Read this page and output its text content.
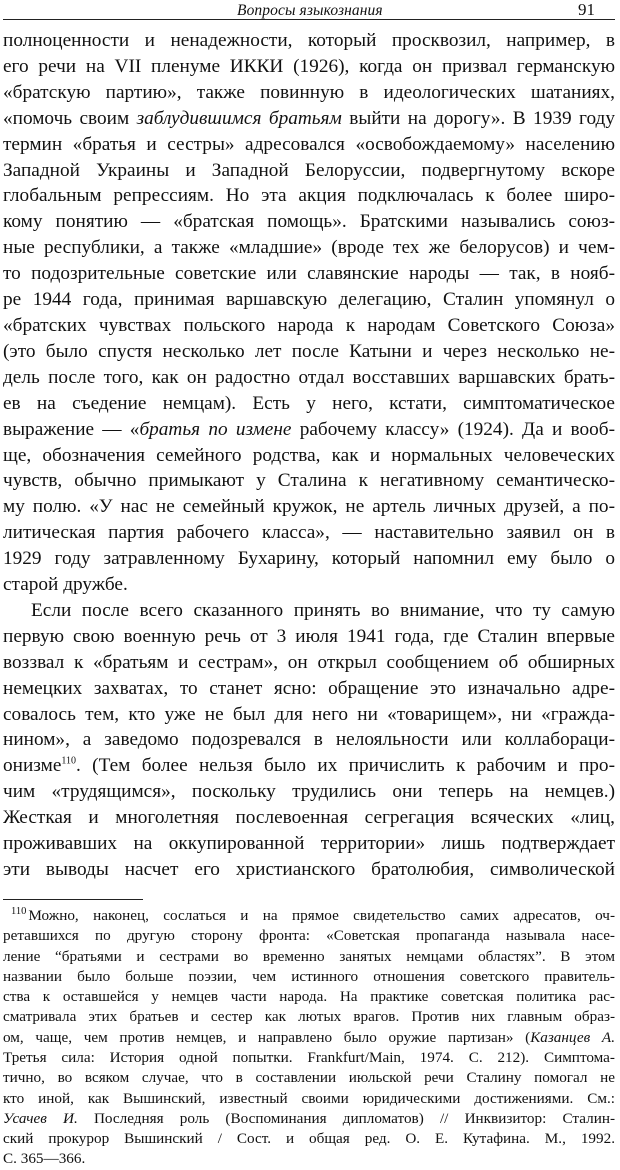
Вопросы языкознания	91

полноценности и ненадежности, который просквозил, например, в
его речи на VII пленуме ИККИ (1926), когда он призвал германскую
«братскую партию», также повинную в идеологических шатаниях,
«помочь своим заблудившимся братьям выйти на дорогу». В 1939 году
термин «братья и сестры» адресовался «освобождаемому» населению
Западной Украины и Западной Белоруссии, подвергнутому вскоре
глобальным репрессиям. Но эта акция подключалась к более широ-
кому понятию — «братская помощь». Братскими назывались союз-
ные республики, а также «младшие» (вроде тех же белорусов) и чем-
то подозрительные советские или славянские народы — так, в нояб-
ре 1944 года, принимая варшавскую делегацию, Сталин упомянул о
«братских чувствах польского народа к народам Советского Союза»
(это было спустя несколько лет после Катыни и через несколько не-
дель после того, как он радостно отдал восставших варшавских брать-
ев на съедение немцам). Есть у него, кстати, симптоматическое
выражение — «братья по измене рабочему классу» (1924). Да и вооб-
ще, обозначения семейного родства, как и нормальных человеческих
чувств, обычно примыкают у Сталина к негативному семантическо-
му полю. «У нас не семейный кружок, не артель личных друзей, а по-
литическая партия рабочего класса», — наставительно заявил он в
1929 году затравленному Бухарину, который напомнил ему было о
старой дружбе.

Если после всего сказанного принять во внимание, что ту самую
первую свою военную речь от 3 июля 1941 года, где Сталин впервые
воззвал к «братьям и сестрам», он открыл сообщением об обширных
немецких захватах, то станет ясно: обращение это изначально адре-
совалось тем, кто уже не был для него ни «товарищем», ни «гражда-
нином», а заведомо подозревался в нелояльности или коллабораци-
онизме$^{110}$. (Тем более нельзя было их причислить к рабочим и про-
чим «трудящимся», поскольку трудились они теперь на немцев.)
Жесткая и многолетняя послевоенная сегрегация всяческих «лиц,
проживавших на оккупированной территории» лишь подтверждает
эти выводы насчет его христианского братолюбия, символической

$^{110}$ Можно, наконец, сослаться и на прямое свидетельство самих адресатов, оч-
ретавшихся по другую сторону фронта: «Советская пропаганда называла насе-
ление “братьями и сестрами во временно занятых немцами областях”. В этом
названии было больше поэзии, чем истинного отношения советского правитель-
ства к оставшейся у немцев части народа. На практике советская политика рас-
сматривала этих братьев и сестер как лютых врагов. Против них главным образ-
ом, чаще, чем против немцев, и направлено было оружие партизан» (Казанцев А.
Третья сила: История одной попытки. Frankfurt/Main, 1974. С. 212). Симптома-
тично, во всяком случае, что в составлении июльской речи Сталину помогал не
кто иной, как Вышинский, известный своими юридическими достижениями. См.:
Усачев И. Последняя роль (Воспоминания дипломатов) // Инквизитор: Сталин-
ский прокурор Вышинский / Сост. и общая ред. О. Е. Кутафина. М., 1992.
С. 365—366.
